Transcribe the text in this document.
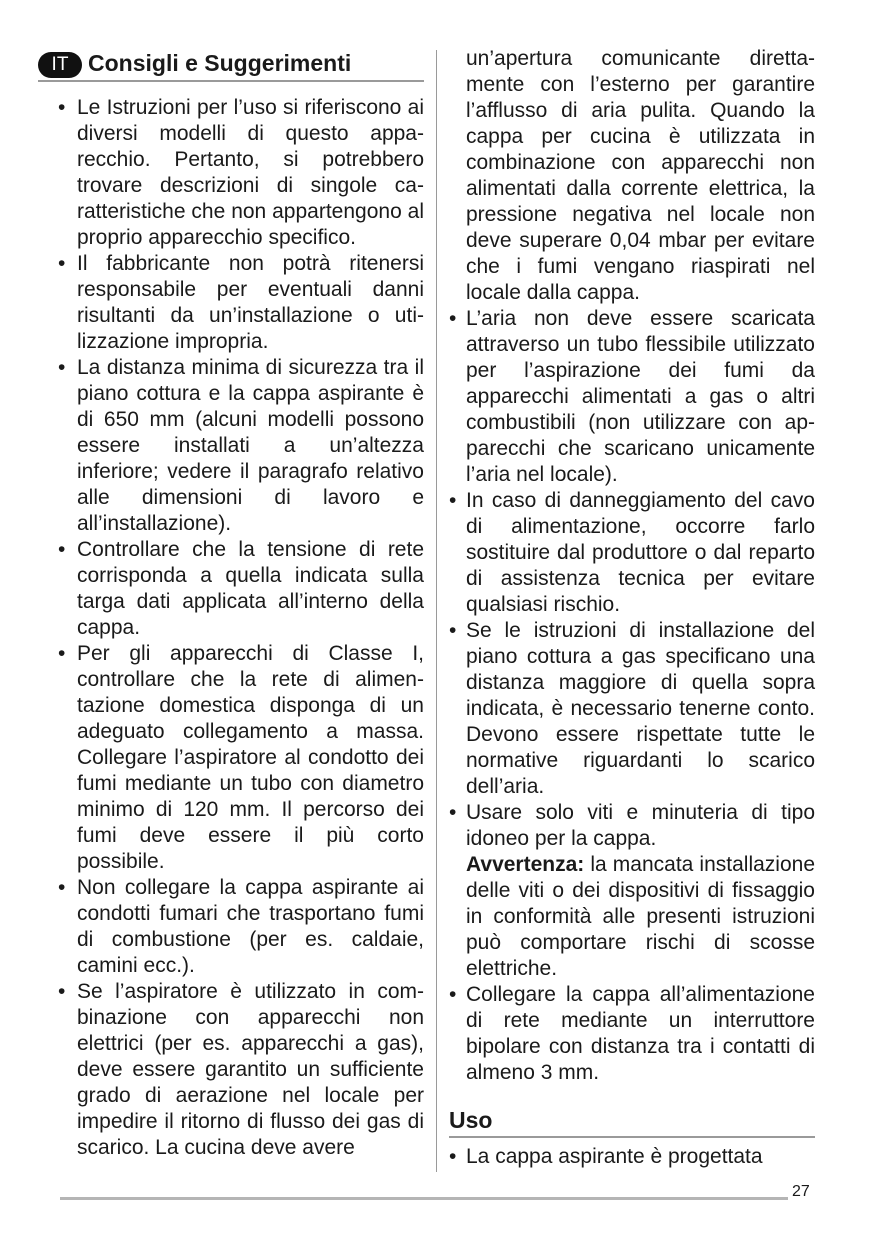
IT Consigli e Suggerimenti
• Le Istruzioni per l’uso si riferiscono ai diversi modelli di questo apparecchio. Pertanto, si potrebbero trovare descrizioni di singole caratteristiche che non appartengono al proprio apparecchio specifico.
• Il fabbricante non potrà ritenersi responsabile per eventuali danni risultanti da un’installazione o utilizzazione impropria.
• La distanza minima di sicurezza tra il piano cottura e la cappa aspirante è di 650 mm (alcuni modelli possono essere installati a un’altezza inferiore; vedere il paragrafo relativo alle dimensioni di lavoro e all’installazione).
• Controllare che la tensione di rete corrisponda a quella indicata sulla targa dati applicata all’interno della cappa.
• Per gli apparecchi di Classe I, controllare che la rete di alimentazione domestica disponga di un adeguato collegamento a massa. Collegare l’aspiratore al condotto dei fumi mediante un tubo con diametro minimo di 120 mm. Il percorso dei fumi deve essere il più corto possibile.
• Non collegare la cappa aspirante ai condotti fumari che trasportano fumi di combustione (per es. caldaie, camini ecc.).
• Se l’aspiratore è utilizzato in combinazione con apparecchi non elettrici (per es. apparecchi a gas), deve essere garantito un sufficiente grado di aerazione nel locale per impedire il ritorno di flusso dei gas di scarico. La cucina deve avere
un’apertura comunicante direttamente con l’esterno per garantire l’afflusso di aria pulita. Quando la cappa per cucina è utilizzata in combinazione con apparecchi non alimentati dalla corrente elettrica, la pressione negativa nel locale non deve superare 0,04 mbar per evitare che i fumi vengano riaspirati nel locale dalla cappa.
• L’aria non deve essere scaricata attraverso un tubo flessibile utilizzato per l’aspirazione dei fumi da apparecchi alimentati a gas o altri combustibili (non utilizzare con apparecchi che scaricano unicamente l’aria nel locale).
• In caso di danneggiamento del cavo di alimentazione, occorre farlo sostituire dal produttore o dal reparto di assistenza tecnica per evitare qualsiasi rischio.
• Se le istruzioni di installazione del piano cottura a gas specificano una distanza maggiore di quella sopra indicata, è necessario tenerne conto. Devono essere rispettate tutte le normative riguardanti lo scarico dell’aria.
• Usare solo viti e minuteria di tipo idoneo per la cappa.
Avvertenza: la mancata installazione delle viti o dei dispositivi di fissaggio in conformità alle presenti istruzioni può comportare rischi di scosse elettriche.
• Collegare la cappa all’alimentazione di rete mediante un interruttore bipolare con distanza tra i contatti di almeno 3 mm.
Uso
• La cappa aspirante è progettata
27
